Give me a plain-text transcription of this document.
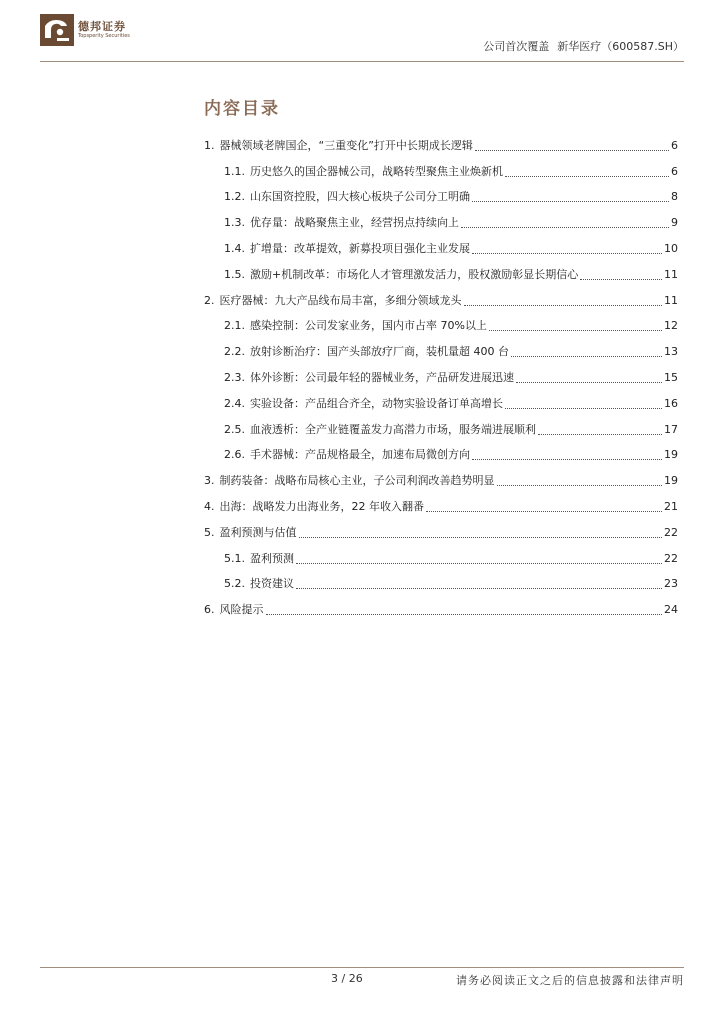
德邦证券
Topsperity Securities
公司首次覆盖 新华医疗（600587.SH）
内容目录
1. 器械领域老牌国企，“三重变化”打开中长期成长逻辑	6
1.1. 历史悠久的国企器械公司，战略转型聚焦主业焕新机	6
1.2. 山东国资控股，四大核心板块子公司分工明确	8
1.3. 优存量：战略聚焦主业，经营拐点持续向上	9
1.4. 扩增量：改革提效，新募投项目强化主业发展	10
1.5. 激励+机制改革：市场化人才管理激发活力，股权激励彰显长期信心	11
2. 医疗器械：九大产品线布局丰富，多细分领域龙头	11
2.1. 感染控制：公司发家业务，国内市占率 70%以上	12
2.2. 放射诊断治疗：国产头部放疗厂商，装机量超 400 台	13
2.3. 体外诊断：公司最年轻的器械业务，产品研发进展迅速	15
2.4. 实验设备：产品组合齐全，动物实验设备订单高增长	16
2.5. 血液透析：全产业链覆盖发力高潜力市场，服务端进展顺利	17
2.6. 手术器械：产品规格最全，加速布局微创方向	19
3. 制药装备：战略布局核心主业，子公司利润改善趋势明显	19
4. 出海：战略发力出海业务，22 年收入翻番	21
5. 盈利预测与估值	22
5.1. 盈利预测	22
5.2. 投资建议	23
6. 风险提示	24
3 / 26	请务必阅读正文之后的信息披露和法律声明
